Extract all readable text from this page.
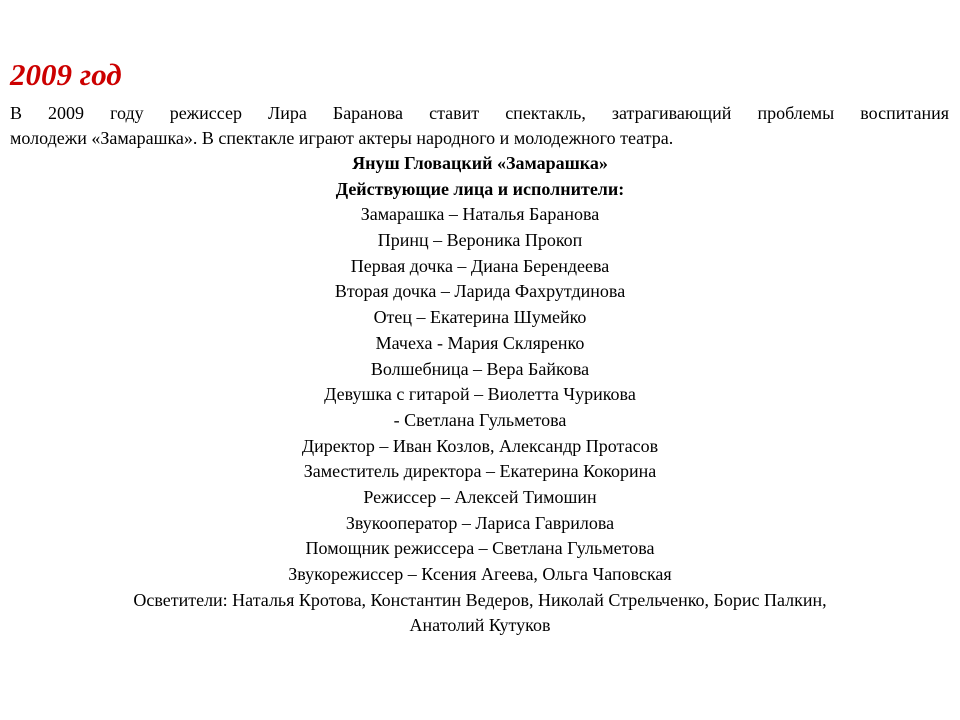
2009 год
В 2009 году режиссер Лира Баранова ставит спектакль, затрагивающий проблемы воспитания
молодежи «Замарашка». В спектакле играют актеры народного и молодежного театра.
Януш Гловацкий «Замарашка»
Действующие лица и исполнители:
Замарашка – Наталья Баранова
Принц – Вероника Прокоп
Первая дочка – Диана Берендеева
Вторая дочка – Ларида Фахрутдинова
Отец – Екатерина Шумейко
Мачеха - Мария Скляренко
Волшебница – Вера Байкова
Девушка с гитарой – Виолетта Чурикова
- Светлана Гульметова
Директор – Иван Козлов, Александр Протасов
Заместитель директора – Екатерина Кокорина
Режиссер – Алексей Тимошин
Звукооператор – Лариса Гаврилова
Помощник режиссера – Светлана Гульметова
Звукорежиссер – Ксения Агеева, Ольга Чаповская
Осветители: Наталья Кротова, Константин Ведеров, Николай Стрельченко, Борис Палкин,
Анатолий Кутуков
